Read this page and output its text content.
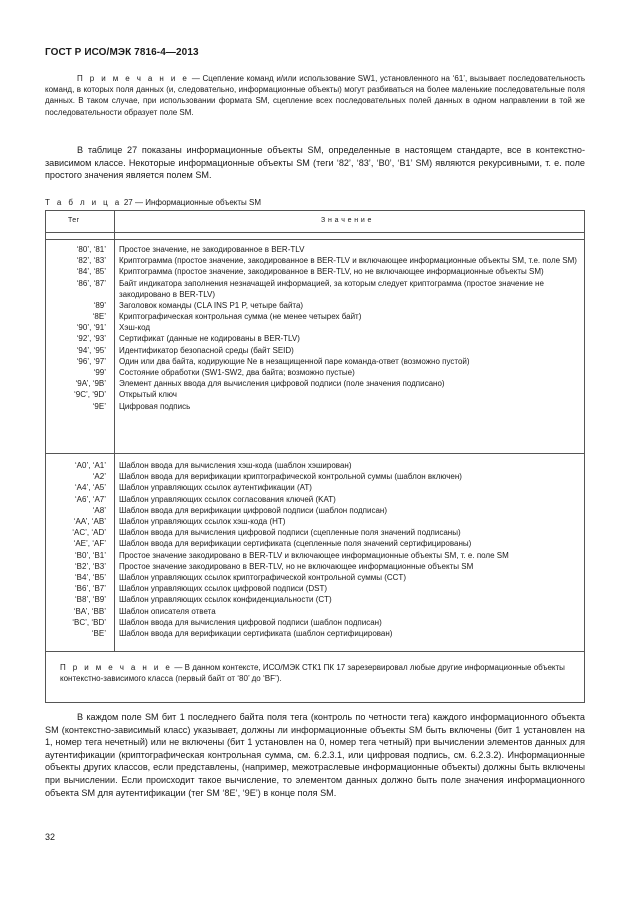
ГОСТ Р ИСО/МЭК 7816-4—2013
П р и м е ч а н и е — Сцепление команд и/или использование SW1, установленного на ‘61’, вызывает последовательность команд, в которых поля данных (и, следовательно, информационные объекты) могут разбиваться на более маленькие последовательные поля данных. В таком случае, при использовании формата SM, сцепление всех последовательных полей данных в одном направлении в той же последовательности образует поле SM.
В таблице 27 показаны информационные объекты SM, определенные в настоящем стандарте, все в контекстно-зависимом классе. Некоторые информационные объекты SM (теги ‘82’, ‘83’, ‘B0’, ‘B1’ SM) являются рекурсивными, т. е. поле простого значения является полем SM.
Т а б л и ц а 27 — Информационные объекты SM
Тег	З н а ч е н и е
‘80’, ‘81’ Простое значение, не закодированное в BER-TLV
‘82’, ‘83’ Криптограмма (простое значение, закодированное в BER-TLV и включающее информационные объекты SM, т.е. поле SM)
‘84’, ‘85’ Криптограмма (простое значение, закодированное в BER-TLV, но не включающее информационные объекты SM)
‘86’, ‘87’ Байт индикатора заполнения незначащей информацией, за которым следует криптограмма (простое значение не закодировано в BER-TLV)
‘89’ Заголовок команды (CLA INS P1 P, четыре байта)
‘8E’ Криптографическая контрольная сумма (не менее четырех байт)
‘90’, ‘91’ Хэш-код
‘92’, ‘93’ Сертификат (данные не кодированы в BER-TLV)
‘94’, ‘95’ Идентификатор безопасной среды (байт SEID)
‘96’, ‘97’ Один или два байта, кодирующие Ne в незащищенной паре команда-ответ (возможно пустой)
‘99’ Состояние обработки (SW1-SW2, два байта; возможно пустые)
‘9A’, ‘9B’ Элемент данных ввода для вычисления цифровой подписи (поле значения подписано)
‘9C’, ‘9D’ Открытый ключ
‘9E’ Цифровая подпись
‘A0’, ‘A1’ Шаблон ввода для вычисления хэш-кода (шаблон хэширован)
‘A2’ Шаблон ввода для верификации криптографической контрольной суммы (шаблон включен)
‘A4’, ‘A5’ Шаблон управляющих ссылок аутентификации (AT)
‘A6’, ‘A7’ Шаблон управляющих ссылок согласования ключей (KAT)
‘A8’ Шаблон ввода для верификации цифровой подписи (шаблон подписан)
‘AA’, ‘AB’ Шаблон управляющих ссылок хэш-кода (HT)
‘AC’, ‘AD’ Шаблон ввода для вычисления цифровой подписи (сцепленные поля значений подписаны)
‘AE’, ‘AF’ Шаблон ввода для верификации сертификата (сцепленные поля значений сертифицированы)
‘B0’, ‘B1’ Простое значение закодировано в BER-TLV и включающее информационные объекты SM, т. е. поле SM
‘B2’, ‘B3’ Простое значение закодировано в BER-TLV, но не включающее информационные объекты SM
‘B4’, ‘B5’ Шаблон управляющих ссылок криптографической контрольной суммы (CCT)
‘B6’, ‘B7’ Шаблон управляющих ссылок цифровой подписи (DST)
‘B8’, ‘B9’ Шаблон управляющих ссылок конфиденциальности (CT)
‘BA’, ‘BB’ Шаблон описателя ответа
‘BC’, ‘BD’ Шаблон ввода для вычисления цифровой подписи (шаблон подписан)
‘BE’ Шаблон ввода для верификации сертификата (шаблон сертифицирован)
П р и м е ч а н и е — В данном контексте, ИСО/МЭК СТК1 ПК 17 зарезервировал любые другие информационные объекты контекстно-зависимого класса (первый байт от ‘80’ до ‘BF’).
В каждом поле SM бит 1 последнего байта поля тега (контроль по четности тега) каждого информационного объекта SM (контекстно-зависимый класс) указывает, должны ли информационные объекты SM быть включены (бит 1 установлен на 1, номер тега нечетный) или не включены (бит 1 установлен на 0, номер тега четный) при вычислении элементов данных для аутентификации (криптографическая контрольная сумма, см. 6.2.3.1, или цифровая подпись, см. 6.2.3.2). Информационные объекты других классов, если представлены, (например, межотраслевые информационные объекты) должны быть включены при вычислении. Если происходит такое вычисление, то элементом данных должно быть поле значения информационного объекта SM для аутентификации (тег SM ‘8E’, ‘9E’) в конце поля SM.
32
